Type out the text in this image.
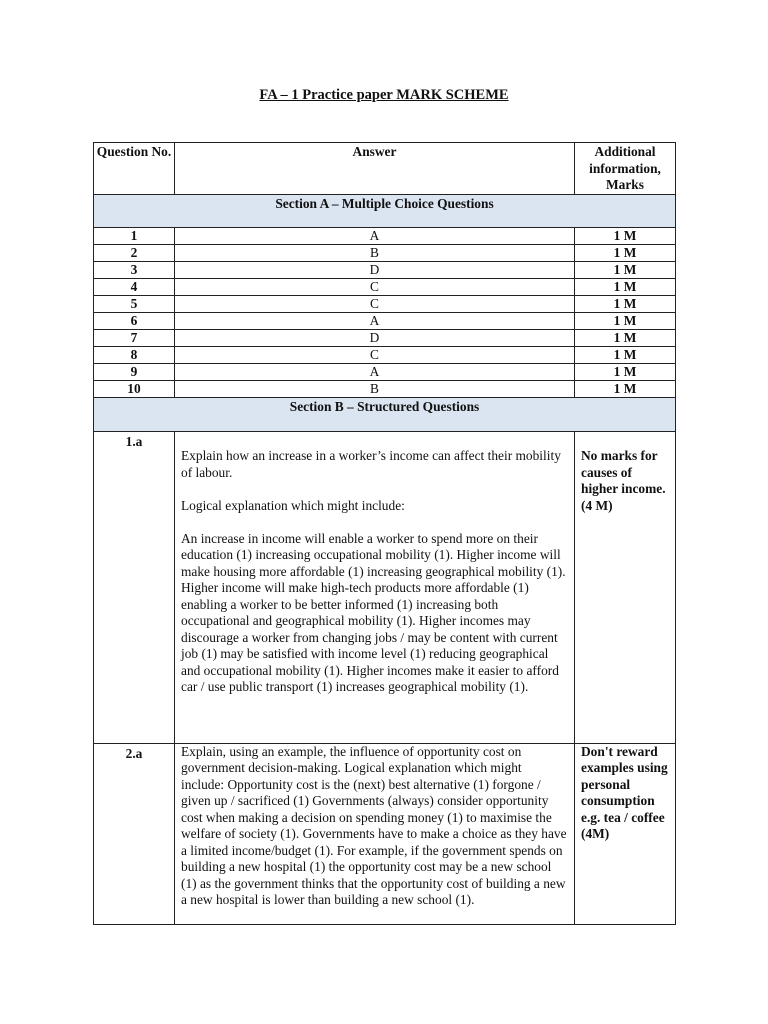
FA – 1 Practice paper MARK SCHEME
Question No.	Answer	Additional information, Marks

Section A – Multiple Choice Questions		

1	A	1 M
2	B	1 M
3	D	1 M
4	C	1 M
5	C	1 M
6	A	1 M
7	D	1 M
8	C	1 M
9	A	1 M
10	B	1 M

Section B – Structured Questions		

1.a	Explain how an increase in a worker’s income can affect their mobility of labour.
Logical explanation which might include:
An increase in income will enable a worker to spend more on their education (1) increasing occupational mobility (1). Higher income will make housing more affordable (1) increasing geographical mobility (1). Higher income will make high-tech products more affordable (1) enabling a worker to be better informed (1) increasing both occupational and geographical mobility (1). Higher incomes may discourage a worker from changing jobs / may be content with current job (1) may be satisfied with income level (1) reducing geographical and occupational mobility (1). Higher incomes make it easier to afford car / use public transport (1) increases geographical mobility (1).	No marks for causes of higher income. (4 M)

2.a	Explain, using an example, the influence of opportunity cost on government decision-making. Logical explanation which might include: Opportunity cost is the (next) best alternative (1) forgone / given up / sacrificed (1) Governments (always) consider opportunity cost when making a decision on spending money (1) to maximise the welfare of society (1). Governments have to make a choice as they have a limited income/budget (1). For example, if the government spends on building a new hospital (1) the opportunity cost may be a new school (1) as the government thinks that the opportunity cost of building a new a new hospital is lower than building a new school (1).	Don't reward examples using personal consumption e.g. tea / coffee (4M)
